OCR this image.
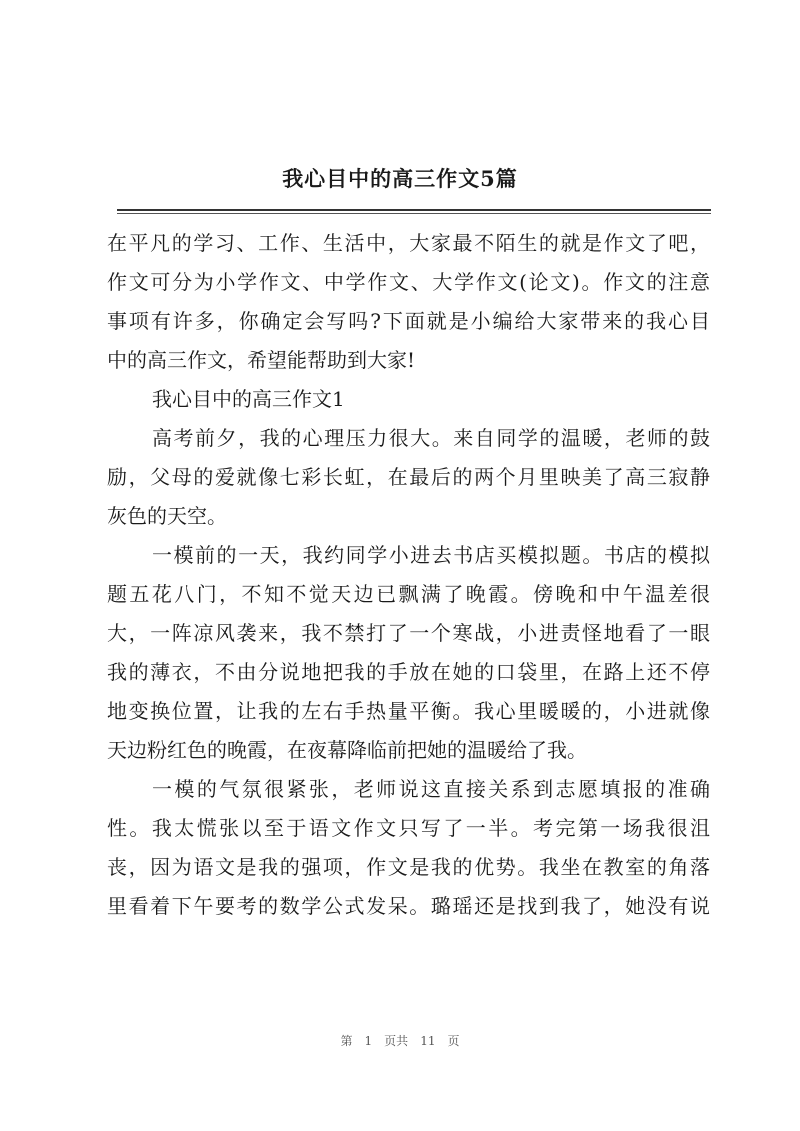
我心目中的高三作文5篇
在平凡的学习、工作、生活中，大家最不陌生的就是作文了吧，
作文可分为小学作文、中学作文、大学作文(论文)。作文的注意
事项有许多，你确定会写吗?下面就是小编给大家带来的我心目
中的高三作文，希望能帮助到大家!
我心目中的高三作文1
高考前夕，我的心理压力很大。来自同学的温暖，老师的鼓
励，父母的爱就像七彩长虹，在最后的两个月里映美了高三寂静
灰色的天空。
一模前的一天，我约同学小进去书店买模拟题。书店的模拟
题五花八门，不知不觉天边已飘满了晚霞。傍晚和中午温差很
大，一阵凉风袭来，我不禁打了一个寒战，小进责怪地看了一眼
我的薄衣，不由分说地把我的手放在她的口袋里，在路上还不停
地变换位置，让我的左右手热量平衡。我心里暖暖的，小进就像
天边粉红色的晚霞，在夜幕降临前把她的温暖给了我。
一模的气氛很紧张，老师说这直接关系到志愿填报的准确
性。我太慌张以至于语文作文只写了一半。考完第一场我很沮
丧，因为语文是我的强项，作文是我的优势。我坐在教室的角落
里看着下午要考的数学公式发呆。璐瑶还是找到我了，她没有说
第 1 页共 11 页
